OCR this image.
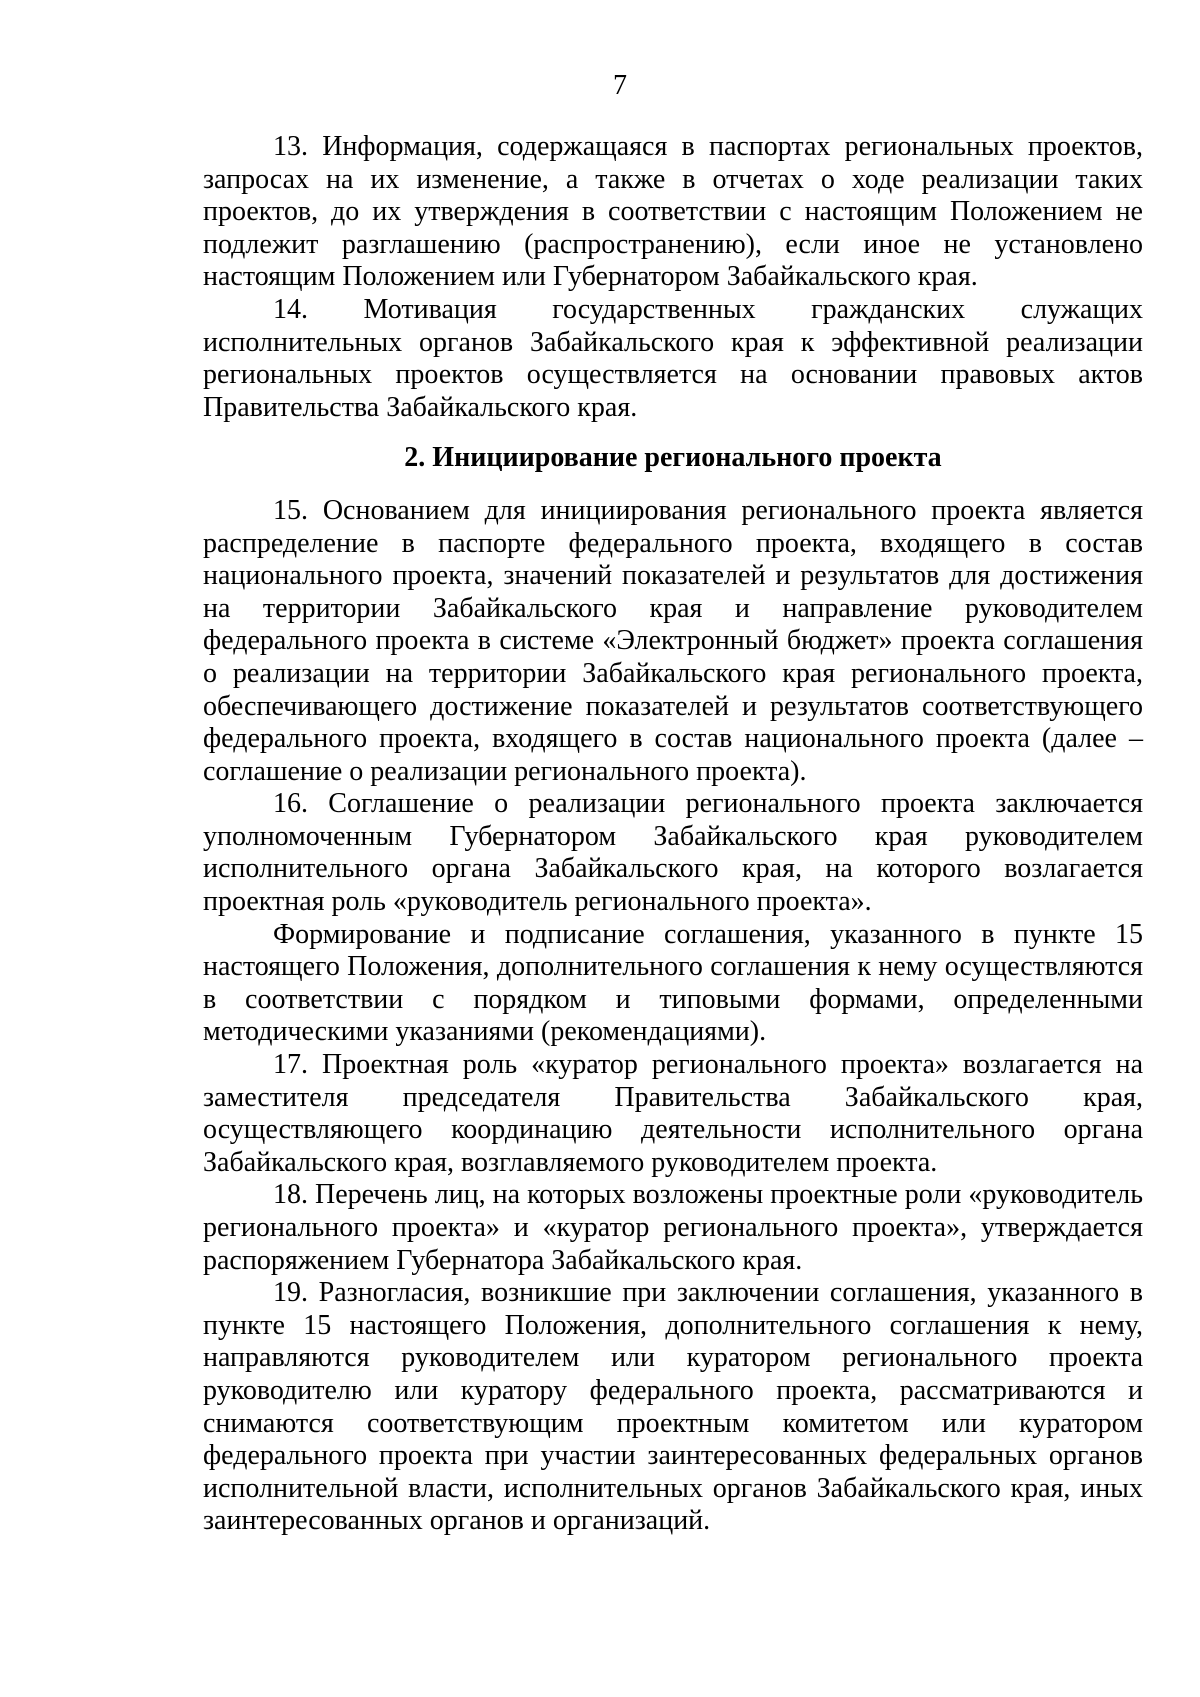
7

13. Информация, содержащаяся в паспортах региональных проектов, запросах на их изменение, а также в отчетах о ходе реализации таких проектов, до их утверждения в соответствии с настоящим Положением не подлежит разглашению (распространению), если иное не установлено настоящим Положением или Губернатором Забайкальского края.

14. Мотивация государственных гражданских служащих исполнительных органов Забайкальского края к эффективной реализации региональных проектов осуществляется на основании правовых актов Правительства Забайкальского края.

2. Инициирование регионального проекта

15. Основанием для инициирования регионального проекта является распределение в паспорте федерального проекта, входящего в состав национального проекта, значений показателей и результатов для достижения на территории Забайкальского края и направление руководителем федерального проекта в системе «Электронный бюджет» проекта соглашения о реализации на территории Забайкальского края регионального проекта, обеспечивающего достижение показателей и результатов соответствующего федерального проекта, входящего в состав национального проекта (далее – соглашение о реализации регионального проекта).

16. Соглашение о реализации регионального проекта заключается уполномоченным Губернатором Забайкальского края руководителем исполнительного органа Забайкальского края, на которого возлагается проектная роль «руководитель регионального проекта».

Формирование и подписание соглашения, указанного в пункте 15 настоящего Положения, дополнительного соглашения к нему осуществляются в соответствии с порядком и типовыми формами, определенными методическими указаниями (рекомендациями).

17. Проектная роль «куратор регионального проекта» возлагается на заместителя председателя Правительства Забайкальского края, осуществляющего координацию деятельности исполнительного органа Забайкальского края, возглавляемого руководителем проекта.

18. Перечень лиц, на которых возложены проектные роли «руководитель регионального проекта» и «куратор регионального проекта», утверждается распоряжением Губернатора Забайкальского края.

19. Разногласия, возникшие при заключении соглашения, указанного в пункте 15 настоящего Положения, дополнительного соглашения к нему, направляются руководителем или куратором регионального проекта руководителю или куратору федерального проекта, рассматриваются и снимаются соответствующим проектным комитетом или куратором федерального проекта при участии заинтересованных федеральных органов исполнительной власти, исполнительных органов Забайкальского края, иных заинтересованных органов и организаций.
